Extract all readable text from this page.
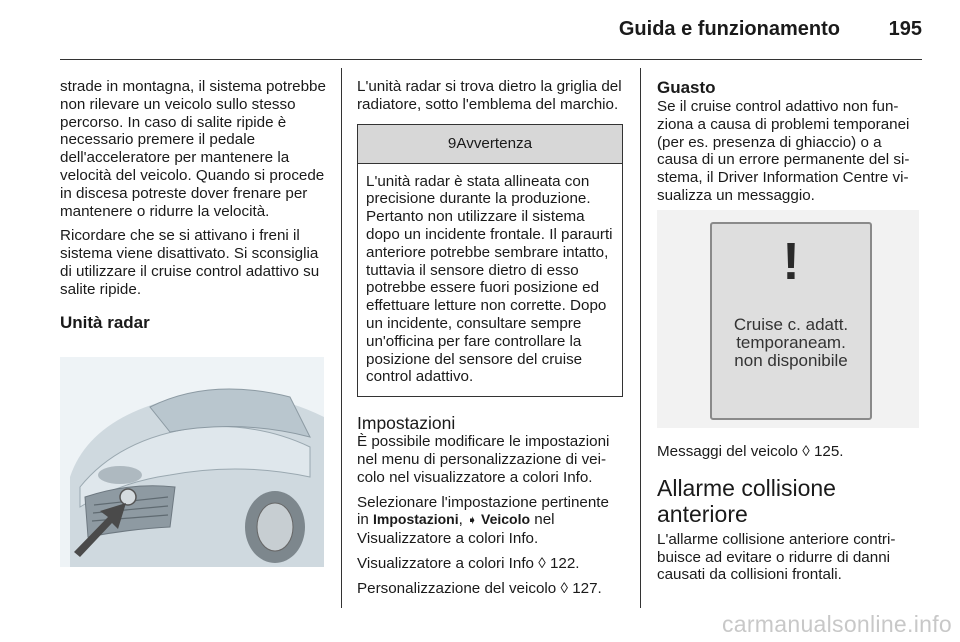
Guida e funzionamento 195

strade in montagna, il sistema potrebbe non rilevare un veicolo sullo stesso percorso. In caso di salite ripide è necessario premere il pedale dell'acceleratore per mantenere la velocità del veicolo. Quando si procede in discesa potreste dover frenare per mantenere o ridurre la velocità.

Ricordare che se si attivano i freni il sistema viene disattivato. Si sconsiglia di utilizzare il cruise control adattivo su salite ripide.

Unità radar

L'unità radar si trova dietro la griglia del radiatore, sotto l'emblema del marchio.

9Avvertenza
L'unità radar è stata allineata con precisione durante la produzione. Pertanto non utilizzare il sistema dopo un incidente frontale. Il paraurti anteriore potrebbe sembrare intatto, tuttavia il sensore dietro di esso potrebbe essere fuori posizione ed effettuare letture non corrette. Dopo un incidente, consultare sempre un'officina per fare controllare la posizione del sensore del cruise control adattivo.
Impostazioni

È possibile modificare le impostazioni nel menu di personalizzazione di veicolo nel visualizzatore a colori Info.

Selezionare l'impostazione pertinente in Impostazioni, ➧ Veicolo nel Visualizzatore a colori Info.

Visualizzatore a colori Info ◊ 122.

Personalizzazione del veicolo ◊ 127.

Guasto

Se il cruise control adattivo non funziona a causa di problemi temporanei (per es. presenza di ghiaccio) o a causa di un errore permanente del sistema, il Driver Information Centre visualizza un messaggio.

!
Cruise c. adatt.
temporaneam.
non disponibile

Messaggi del veicolo ◊ 125.

Allarme collisione anteriore

L'allarme collisione anteriore contribuisce ad evitare o ridurre di danni causati da collisioni frontali.

carmanualsonline.info
